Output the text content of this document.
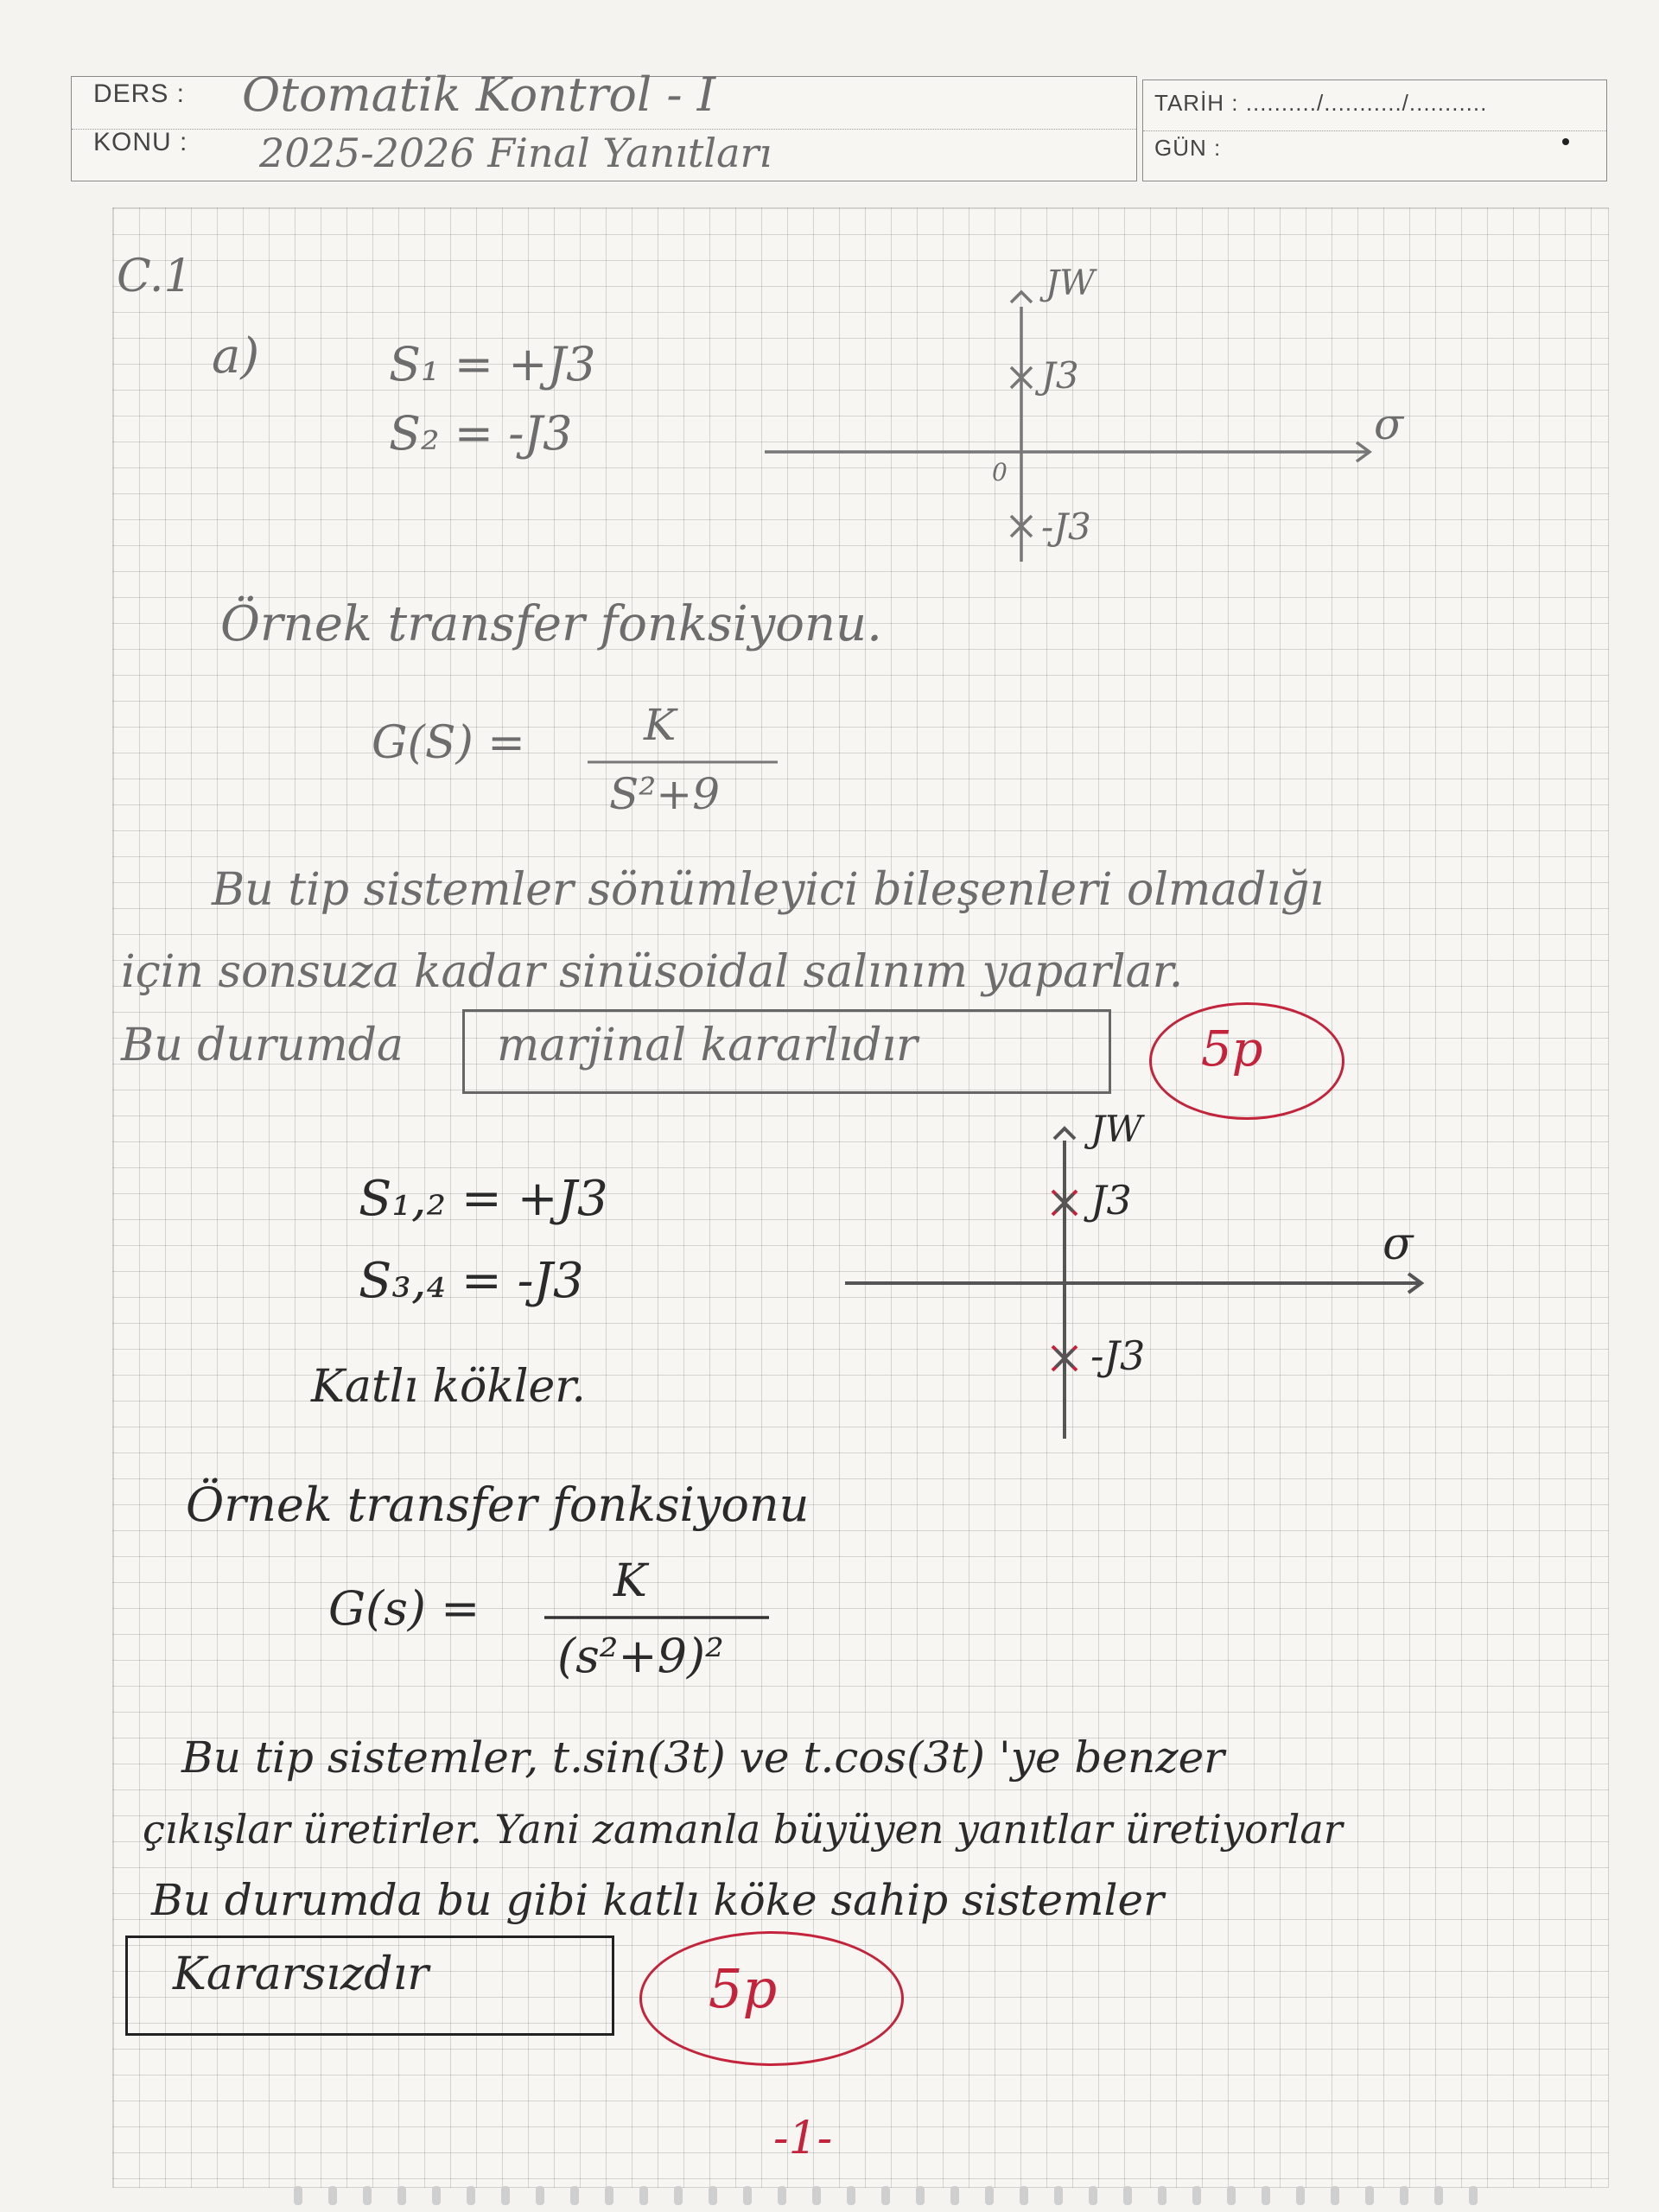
DERS :
KONU :
Otomatik Kontrol - I
2025-2026 Final Yanıtları
TARİH : ........../.........../...........
GÜN :
C.1
a)	S₁ = +J3
S₂ = -J3
JW
σ
0
J3
-J3
Örnek transfer fonksiyonu.
G(S) =	K
S²+9
Bu tip sistemler sönümleyici bileşenleri olmadığı
için sonsuza kadar sinüsoidal salınım yaparlar.
Bu durumda marjinal kararlıdır	5p
S₁,₂ = +J3
S₃,₄ = -J3
Katlı kökler.
JW
σ
J3
-J3
Örnek transfer fonksiyonu
G(s) =	K
(s²+9)²
Bu tip sistemler, t.sin(3t) ve t.cos(3t) 'ye benzer
çıkışlar üretirler. Yani zamanla büyüyen yanıtlar üretiyorlar
Bu durumda bu gibi katlı köke sahip sistemler
Kararsızdır	5p
-1-
